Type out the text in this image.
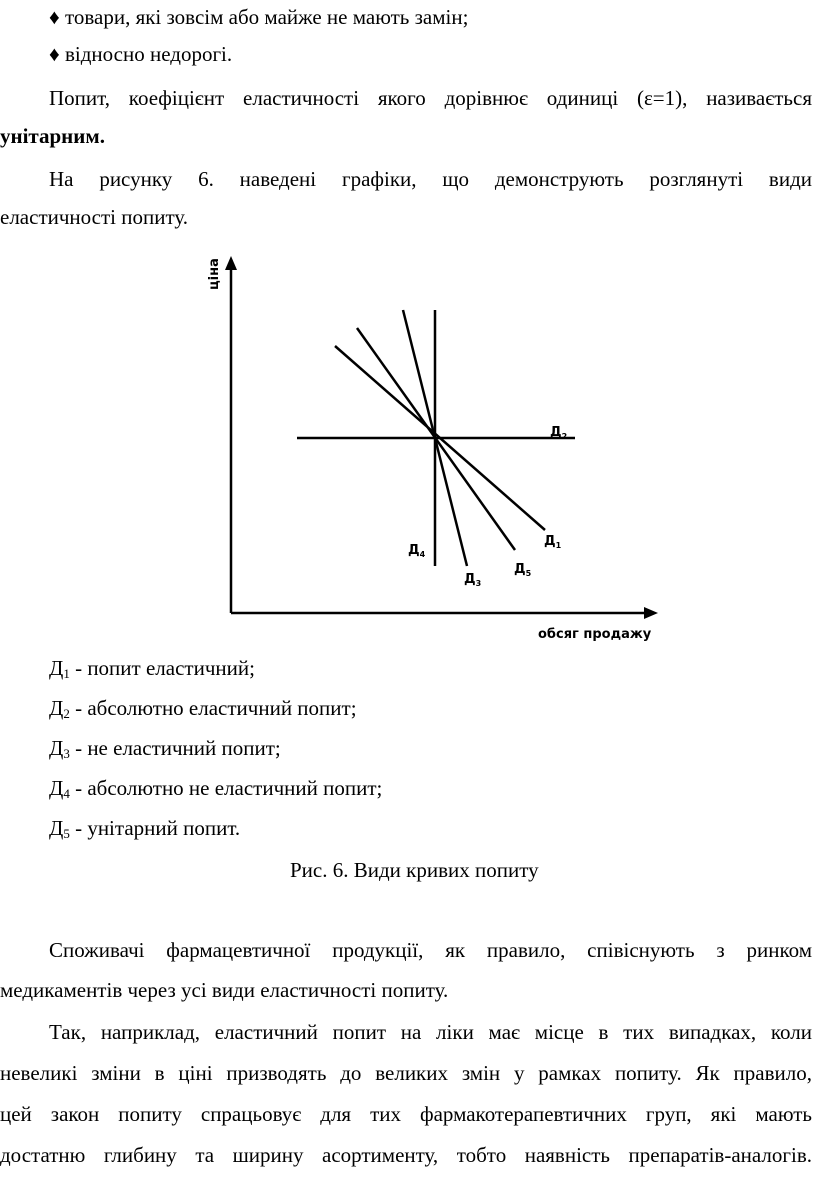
♦ товари, які зовсім або майже не мають замін;
♦ відносно недорогі.
Попит, коефіцієнт еластичності якого дорівнює одиниці (ε=1), називається
унітарним.
На рисунку 6. наведені графіки, що демонструють розглянуті види
еластичності попиту.
ціна
обсяг продажу
$Д_1$
$Д_2$
$Д_3$
$Д_4$
$Д_5$
$Д_1$ - попит еластичний;
$Д_2$ - абсолютно еластичний попит;
$Д_3$ - не еластичний попит;
$Д_4$ - абсолютно не еластичний попит;
$Д_5$ - унітарний попит.
Рис. 6. Види кривих попиту
Споживачі фармацевтичної продукції, як правило, співіснують з ринком
медикаментів через усі види еластичності попиту.
Так, наприклад, еластичний попит на ліки має місце в тих випадках, коли
невеликі зміни в ціні призводять до великих змін у рамках попиту. Як правило,
цей закон попиту спрацьовує для тих фармакотерапевтичних груп, які мають
достатню глибину та ширину асортименту, тобто наявність препаратів-аналогів.
